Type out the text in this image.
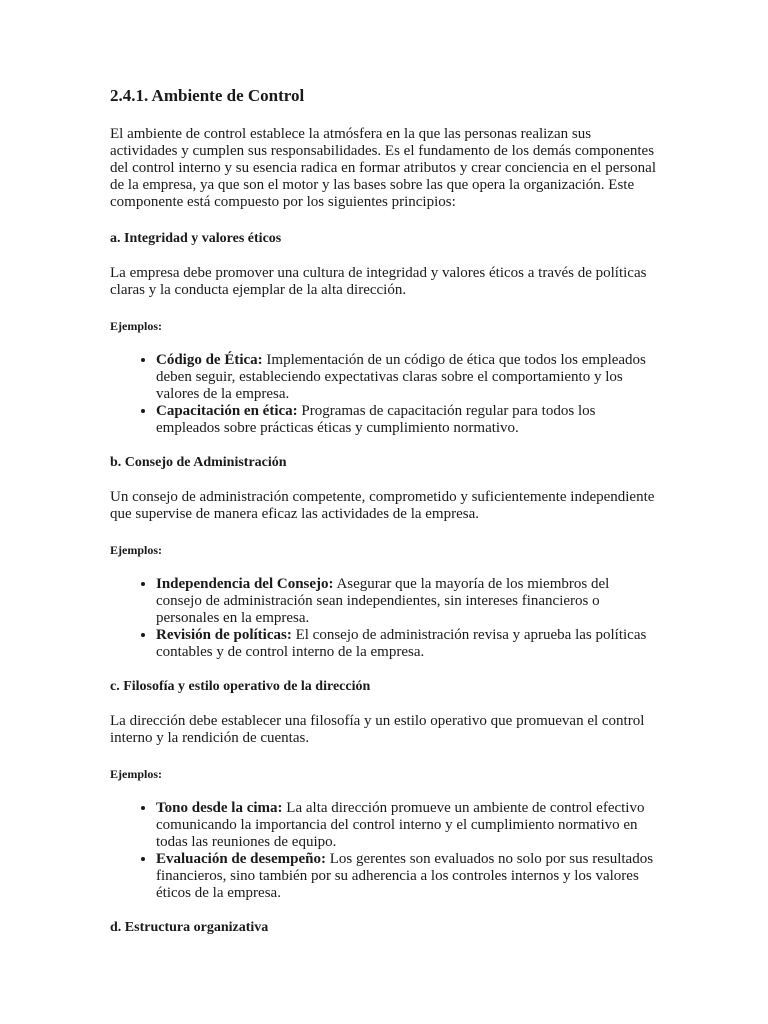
2.4.1. Ambiente de Control

El ambiente de control establece la atmósfera en la que las personas realizan sus actividades y cumplen sus responsabilidades. Es el fundamento de los demás componentes del control interno y su esencia radica en formar atributos y crear conciencia en el personal de la empresa, ya que son el motor y las bases sobre las que opera la organización. Este componente está compuesto por los siguientes principios:

a. Integridad y valores éticos

La empresa debe promover una cultura de integridad y valores éticos a través de políticas claras y la conducta ejemplar de la alta dirección.

Ejemplos:
• Código de Ética: Implementación de un código de ética que todos los empleados deben seguir, estableciendo expectativas claras sobre el comportamiento y los valores de la empresa.
• Capacitación en ética: Programas de capacitación regular para todos los empleados sobre prácticas éticas y cumplimiento normativo.
b. Consejo de Administración

Un consejo de administración competente, comprometido y suficientemente independiente que supervise de manera eficaz las actividades de la empresa.

Ejemplos:
• Independencia del Consejo: Asegurar que la mayoría de los miembros del consejo de administración sean independientes, sin intereses financieros o personales en la empresa.
• Revisión de políticas: El consejo de administración revisa y aprueba las políticas contables y de control interno de la empresa.
c. Filosofía y estilo operativo de la dirección

La dirección debe establecer una filosofía y un estilo operativo que promuevan el control interno y la rendición de cuentas.

Ejemplos:
• Tono desde la cima: La alta dirección promueve un ambiente de control efectivo comunicando la importancia del control interno y el cumplimiento normativo en todas las reuniones de equipo.
• Evaluación de desempeño: Los gerentes son evaluados no solo por sus resultados financieros, sino también por su adherencia a los controles internos y los valores éticos de la empresa.
d. Estructura organizativa
